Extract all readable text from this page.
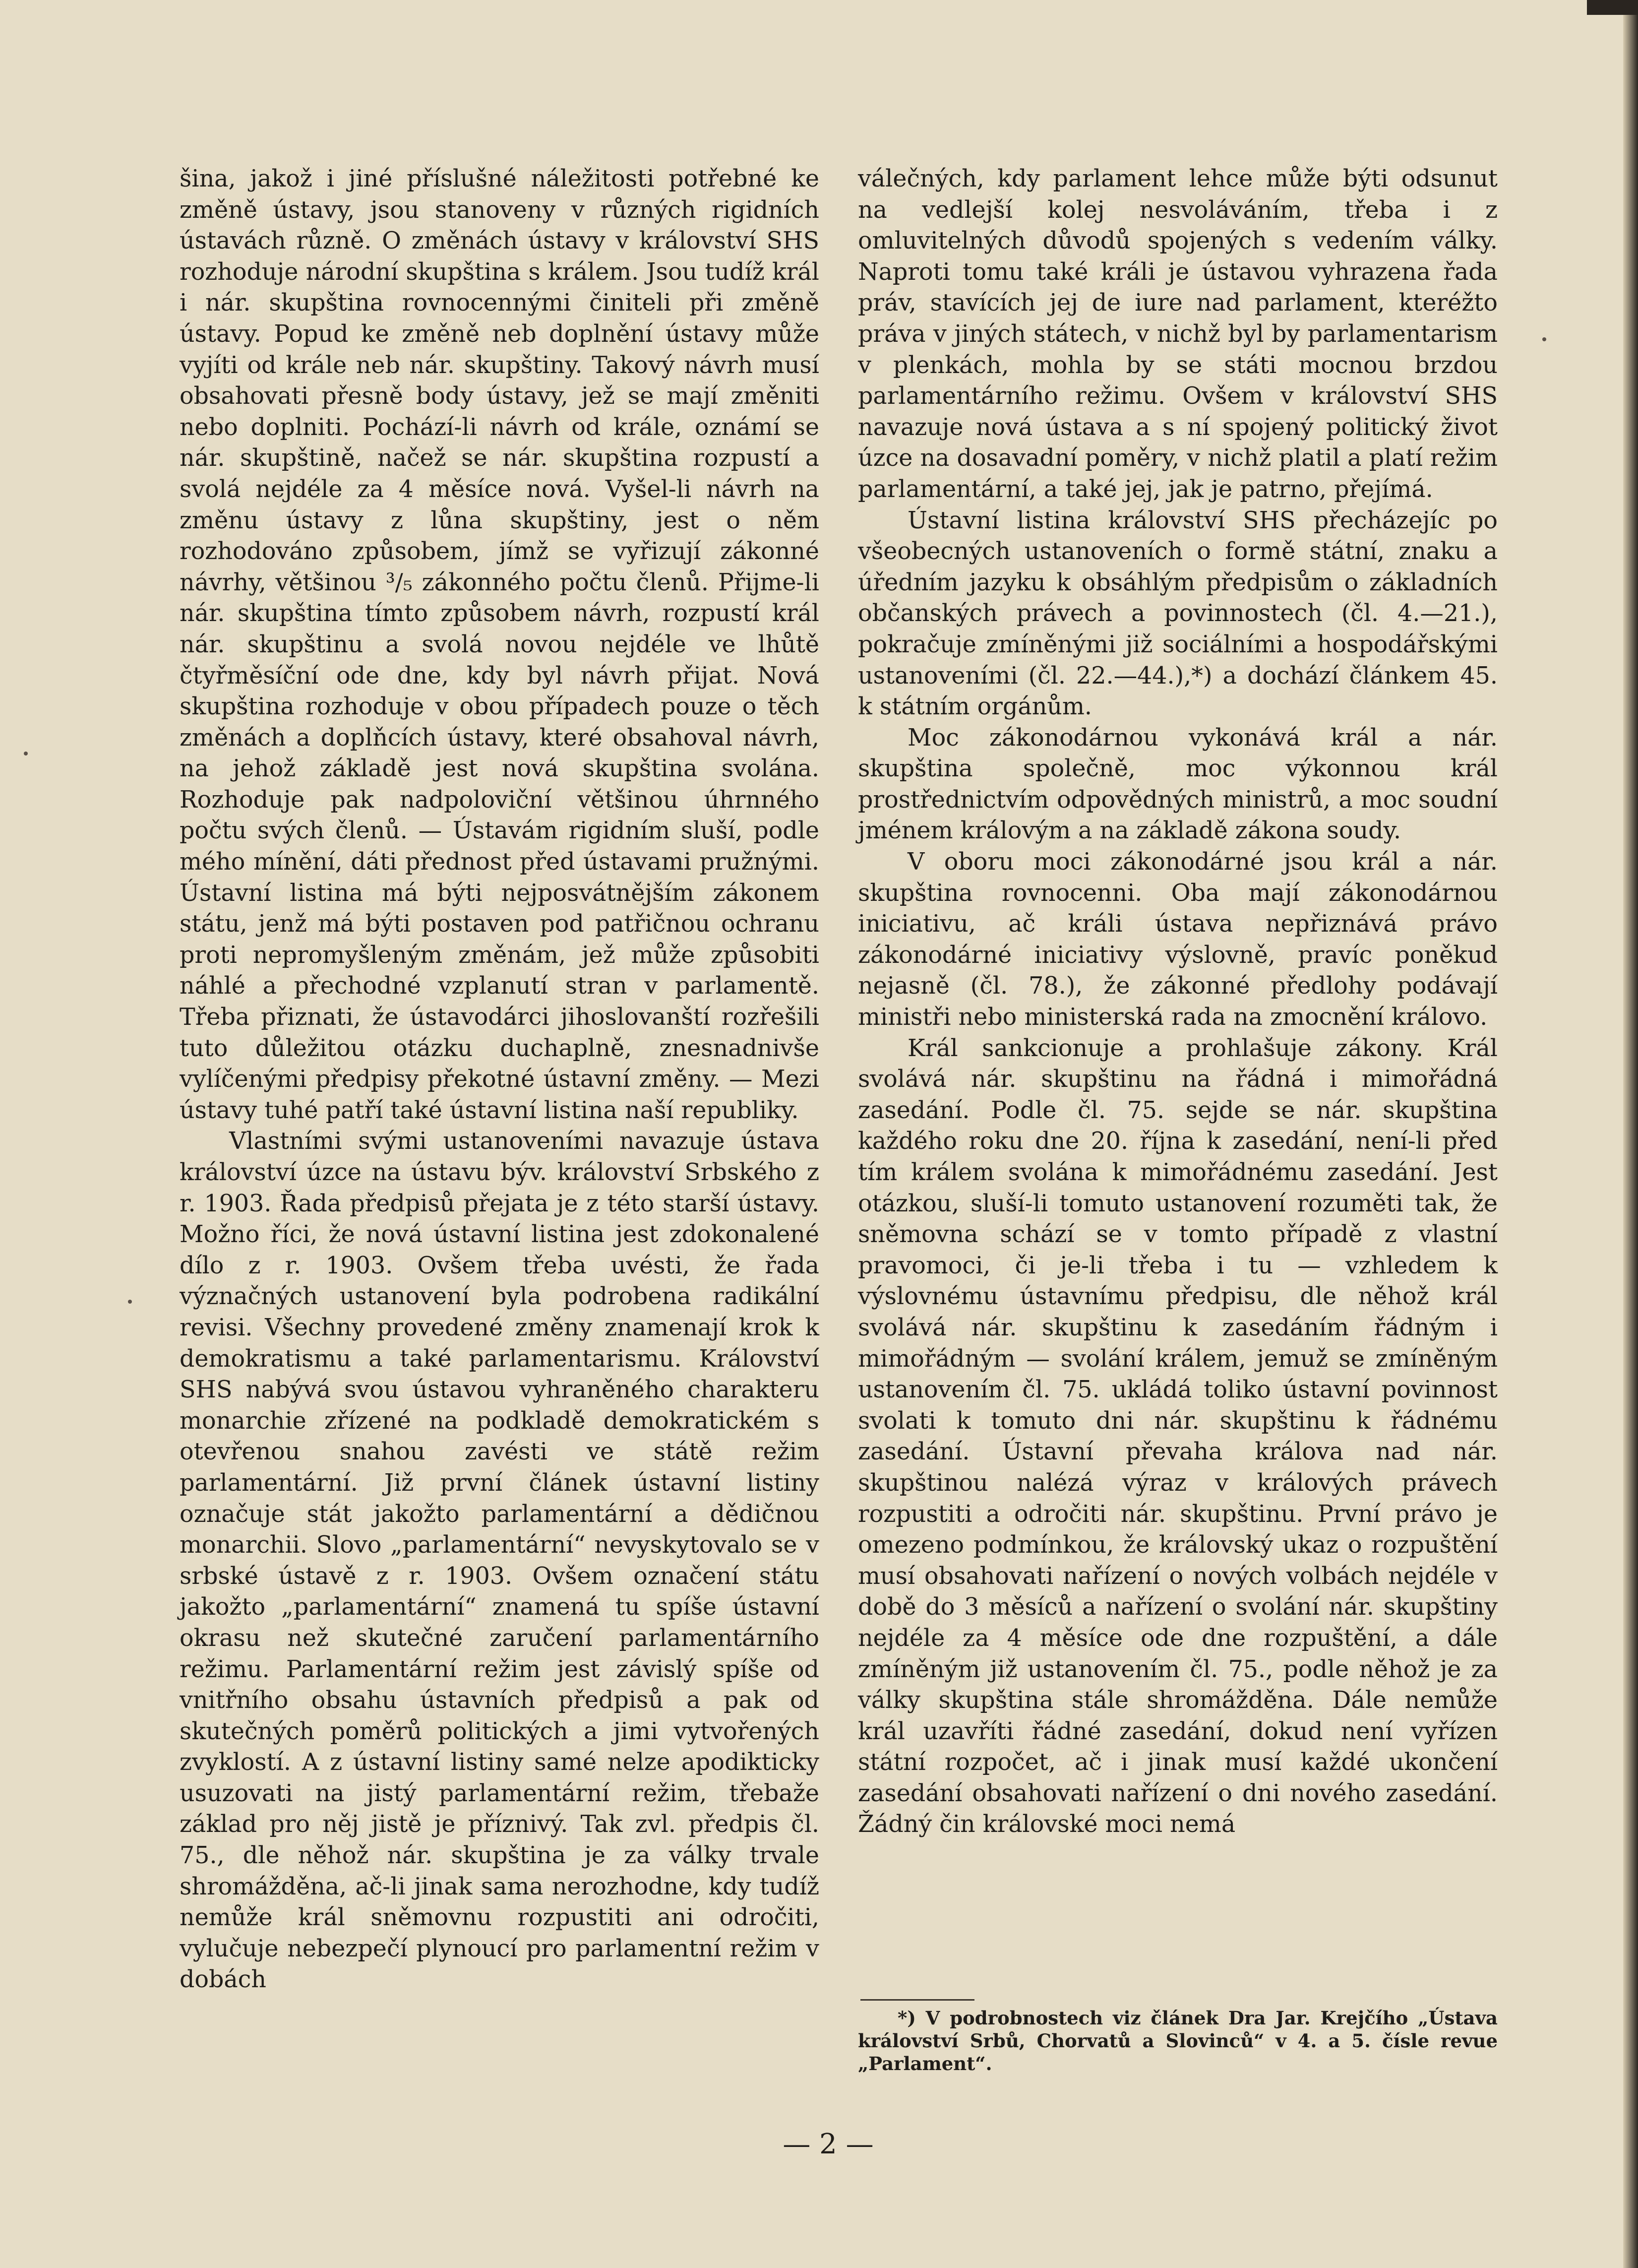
šina, jakož i jiné příslušné náležitosti potřebné ke změně ústavy, jsou stanoveny v různých rigidních ústavách různě. O změnách ústavy v království SHS rozhoduje národní skupština s králem. Jsou tudíž král i nár. skupština rovnocennými činiteli při změně ústavy. Popud ke změně neb doplnění ústavy může vyjíti od krále neb nár. skupštiny. Takový návrh musí obsahovati přesně body ústavy, jež se mají změniti nebo doplniti. Pochází-li návrh od krále, oznámí se nár. skupštině, načež se nár. skupština rozpustí a svolá nejdéle za 4 měsíce nová. Vyšel-li návrh na změnu ústavy z lůna skupštiny, jest o něm rozhodováno způsobem, jímž se vyřizují zákonné návrhy, většinou ³/₅ zákonného počtu členů. Přijme-li nár. skupština tímto způsobem návrh, rozpustí král nár. skupštinu a svolá novou nejdéle ve lhůtě čtyřměsíční ode dne, kdy byl návrh přijat. Nová skupština rozhoduje v obou případech pouze o těch změnách a doplňcích ústavy, které obsahoval návrh, na jehož základě jest nová skupština svolána. Rozhoduje pak nadpoloviční většinou úhrnného počtu svých členů. — Ústavám rigidním sluší, podle mého mínění, dáti přednost před ústavami pružnými. Ústavní listina má býti nejposvátnějším zákonem státu, jenž má býti postaven pod patřičnou ochranu proti nepromyšleným změnám, jež může způsobiti náhlé a přechodné vzplanutí stran v parlamentě. Třeba přiznati, že ústavodárci jihoslovanští rozřešili tuto důležitou otázku duchaplně, znesnadnivše vylíčenými předpisy překotné ústavní změny. — Mezi ústavy tuhé patří také ústavní listina naší republiky.

Vlastními svými ustanoveními navazuje ústava království úzce na ústavu býv. království Srbského z r. 1903. Řada předpisů přejata je z této starší ústavy. Možno říci, že nová ústavní listina jest zdokonalené dílo z r. 1903. Ovšem třeba uvésti, že řada význačných ustanovení byla podrobena radikální revisi. Všechny provedené změny znamenají krok k demokratismu a také parlamentarismu. Království SHS nabývá svou ústavou vyhraněného charakteru monarchie zřízené na podkladě demokratickém s otevřenou snahou zavésti ve státě režim parlamentární. Již první článek ústavní listiny označuje stát jakožto parlamentární a dědičnou monarchii. Slovo „parlamentární“ nevyskytovalo se v srbské ústavě z r. 1903. Ovšem označení státu jakožto „parlamentární“ znamená tu spíše ústavní okrasu než skutečné zaručení parlamentárního režimu. Parlamentární režim jest závislý spíše od vnitřního obsahu ústavních předpisů a pak od skutečných poměrů politických a jimi vytvořených zvyklostí. A z ústavní listiny samé nelze apodikticky usuzovati na jistý parlamentární režim, třebaže základ pro něj jistě je příznivý. Tak zvl. předpis čl. 75., dle něhož nár. skupština je za války trvale shromážděna, ač-li jinak sama nerozhodne, kdy tudíž nemůže král sněmovnu rozpustiti ani odročiti, vylučuje nebezpečí plynoucí pro parlamentní režim v dobách

válečných, kdy parlament lehce může býti odsunut na vedlejší kolej nesvoláváním, třeba i z omluvitelných důvodů spojených s vedením války. Naproti tomu také králi je ústavou vyhrazena řada práv, stavících jej de iure nad parlament, kteréžto práva v jiných státech, v nichž byl by parlamentarism v plenkách, mohla by se státi mocnou brzdou parlamentárního režimu. Ovšem v království SHS navazuje nová ústava a s ní spojený politický život úzce na dosavadní poměry, v nichž platil a platí režim parlamentární, a také jej, jak je patrno, přejímá.

Ústavní listina království SHS přecházejíc po všeobecných ustanoveních o formě státní, znaku a úředním jazyku k obsáhlým předpisům o základních občanských právech a povinnostech (čl. 4.—21.), pokračuje zmíněnými již sociálními a hospodářskými ustanoveními (čl. 22.—44.),*) a dochází článkem 45. k státním orgánům.

Moc zákonodárnou vykonává král a nár. skupština společně, moc výkonnou král prostřednictvím odpovědných ministrů, a moc soudní jménem královým a na základě zákona soudy.

V oboru moci zákonodárné jsou král a nár. skupština rovnocenni. Oba mají zákonodárnou iniciativu, ač králi ústava nepřiznává právo zákonodárné iniciativy výslovně, pravíc poněkud nejasně (čl. 78.), že zákonné předlohy podávají ministři nebo ministerská rada na zmocnění královo.

Král sankcionuje a prohlašuje zákony. Král svolává nár. skupštinu na řádná i mimořádná zasedání. Podle čl. 75. sejde se nár. skupština každého roku dne 20. října k zasedání, není-li před tím králem svolána k mimořádnému zasedání. Jest otázkou, sluší-li tomuto ustanovení rozuměti tak, že sněmovna schází se v tomto případě z vlastní pravomoci, či je-li třeba i tu — vzhledem k výslovnému ústavnímu předpisu, dle něhož král svolává nár. skupštinu k zasedáním řádným i mimořádným — svolání králem, jemuž se zmíněným ustanovením čl. 75. ukládá toliko ústavní povinnost svolati k tomuto dni nár. skupštinu k řádnému zasedání. Ústavní převaha králova nad nár. skupštinou nalézá výraz v králových právech rozpustiti a odročiti nár. skupštinu. První právo je omezeno podmínkou, že královský ukaz o rozpuštění musí obsahovati nařízení o nových volbách nejdéle v době do 3 měsíců a nařízení o svolání nár. skupštiny nejdéle za 4 měsíce ode dne rozpuštění, a dále zmíněným již ustanovením čl. 75., podle něhož je za války skupština stále shromážděna. Dále nemůže král uzavříti řádné zasedání, dokud není vyřízen státní rozpočet, ač i jinak musí každé ukončení zasedání obsahovati nařízení o dni nového zasedání. Žádný čin královské moci nemá

*) V podrobnostech viz článek Dra Jar. Krejčího „Ústava království Srbů, Chorvatů a Slovinců“ v 4. a 5. čísle revue „Parlament“.

— 2 —
